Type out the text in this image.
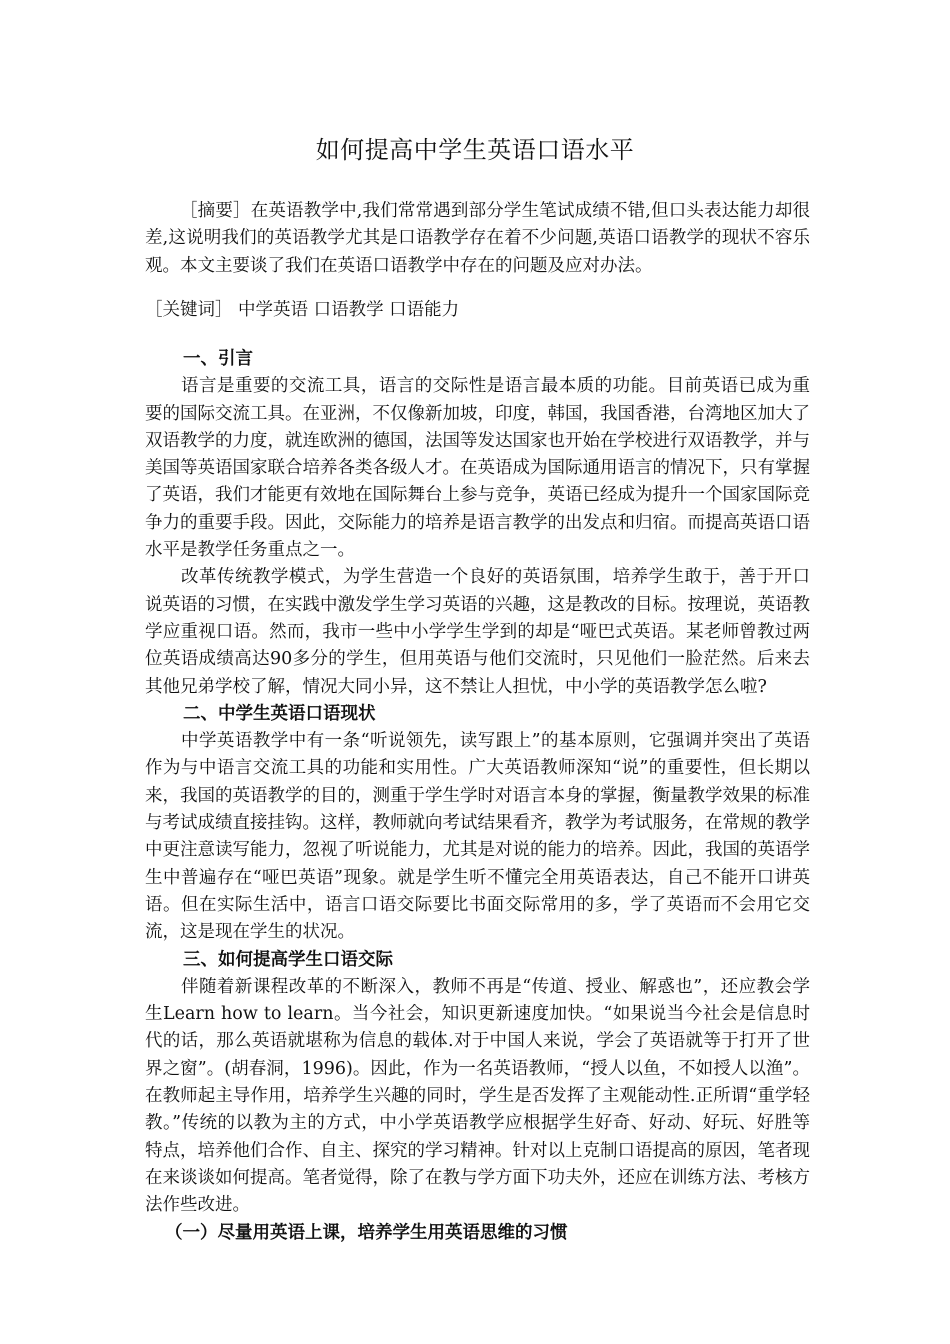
如何提高中学生英语口语水平
［摘要］在英语教学中,我们常常遇到部分学生笔试成绩不错,但口头表达能力却很差,这说明我们的英语教学尤其是口语教学存在着不少问题,英语口语教学的现状不容乐观。本文主要谈了我们在英语口语教学中存在的问题及应对办法。
［关键词］ 中学英语 口语教学 口语能力
一、引言

语言是重要的交流工具，语言的交际性是语言最本质的功能。目前英语已成为重要的国际交流工具。在亚洲，不仅像新加坡，印度，韩国，我国香港，台湾地区加大了双语教学的力度，就连欧洲的德国，法国等发达国家也开始在学校进行双语教学，并与美国等英语国家联合培养各类各级人才。在英语成为国际通用语言的情况下，只有掌握了英语，我们才能更有效地在国际舞台上参与竞争，英语已经成为提升一个国家国际竞争力的重要手段。因此，交际能力的培养是语言教学的出发点和归宿。而提高英语口语水平是教学任务重点之一。

改革传统教学模式，为学生营造一个良好的英语氛围，培养学生敢于，善于开口说英语的习惯，在实践中激发学生学习英语的兴趣，这是教改的目标。按理说，英语教学应重视口语。然而，我市一些中小学学生学到的却是“哑巴式英语。某老师曾教过两位英语成绩高达90多分的学生，但用英语与他们交流时，只见他们一脸茫然。后来去其他兄弟学校了解，情况大同小异，这不禁让人担忧，中小学的英语教学怎么啦?

二、中学生英语口语现状

中学英语教学中有一条“听说领先，读写跟上”的基本原则，它强调并突出了英语作为与中语言交流工具的功能和实用性。广大英语教师深知“说”的重要性，但长期以来，我国的英语教学的目的，测重于学生学时对语言本身的掌握，衡量教学效果的标准与考试成绩直接挂钩。这样，教师就向考试结果看齐，教学为考试服务，在常规的教学中更注意读写能力，忽视了听说能力，尤其是对说的能力的培养。因此，我国的英语学生中普遍存在“哑巴英语”现象。就是学生听不懂完全用英语表达，自己不能开口讲英语。但在实际生活中，语言口语交际要比书面交际常用的多，学了英语而不会用它交流，这是现在学生的状况。

三、如何提高学生口语交际

伴随着新课程改革的不断深入，教师不再是“传道、授业、解惑也”，还应教会学生Learn how to learn。当今社会，知识更新速度加快。“如果说当今社会是信息时代的话，那么英语就堪称为信息的载体.对于中国人来说，学会了英语就等于打开了世界之窗”。(胡春洞，1996)。因此，作为一名英语教师，“授人以鱼，不如授人以渔”。在教师起主导作用，培养学生兴趣的同时，学生是否发挥了主观能动性.正所谓“重学轻教。”传统的以教为主的方式，中小学英语教学应根据学生好奇、好动、好玩、好胜等特点，培养他们合作、自主、探究的学习精神。针对以上克制口语提高的原因，笔者现在来谈谈如何提高。笔者觉得，除了在教与学方面下功夫外，还应在训练方法、考核方法作些改进。

（一）尽量用英语上课，培养学生用英语思维的习惯
